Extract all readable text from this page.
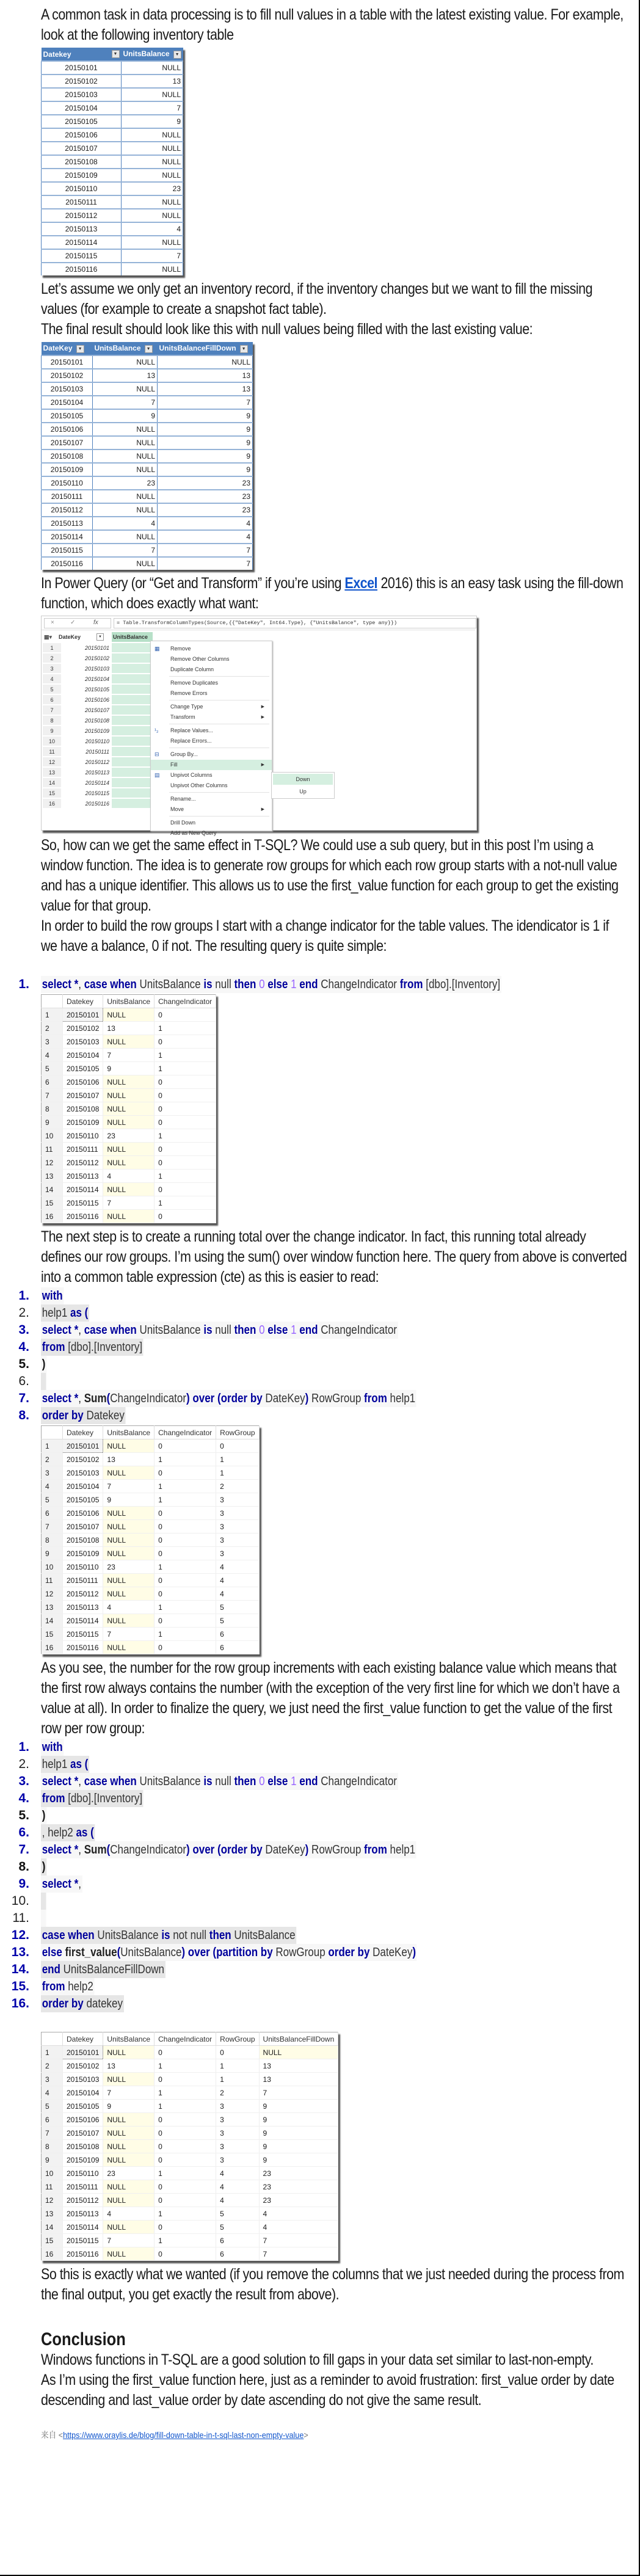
A common task in data processing is to fill null values in a table with the latest existing value. For example, look at the following inventory table

Datekey ▼	UnitsBalance ▼
20150101	NULL
20150102	13
20150103	NULL
20150104	7
20150105	9
20150106	NULL
20150107	NULL
20150108	NULL
20150109	NULL
20150110	23
20150111	NULL
20150112	NULL
20150113	4
20150114	NULL
20150115	7
20150116	NULL

Let’s assume we only get an inventory record, if the inventory changes but we want to fill the missing values (for example to create a snapshot fact table).

The final result should look like this with null values being filled with the last existing value:

DateKey ▼	UnitsBalance ▼	UnitsBalanceFillDown ▼
20150101	NULL	NULL
20150102	13	13
20150103	NULL	13
20150104	7	7
20150105	9	9
20150106	NULL	9
20150107	NULL	9
20150108	NULL	9
20150109	NULL	9
20150110	23	23
20150111	NULL	23
20150112	NULL	23
20150113	4	4
20150114	NULL	4
20150115	7	7
20150116	NULL	7

In Power Query (or “Get and Transform” if you’re using Excel 2016) this is an easy task using the fill-down function, which does exactly what want:

×	✓	fx	= Table.TransformColumnTypes(Source,{{"DateKey", Int64.Type}, {"UnitsBalance", type any}})
▦▾	DateKey	▼	UnitsBalance
1	20150101
2	20150102
3	20150103
4	20150104
5	20150105
6	20150106
7	20150107
8	20150108
9	20150109
10	20150110
11	20150111
12	20150112
13	20150113
14	20150114
15	20150115
16	20150116
▦ Remove
Remove Other Columns
Duplicate Column
Remove Duplicates
Remove Errors
Change Type	▶
Transform	▶
¹₂ Replace Values...
Replace Errors...
⊟ Group By...
Fill	▶
▤ Unpivot Columns
Unpivot Other Columns
Rename...
Move	▶
Drill Down
Add as New Query
Down
Up

So, how can we get the same effect in T-SQL? We could use a sub query, but in this post I’m using a window function. The idea is to generate row groups for which each row group starts with a not-null value and has a unique identifier. This allows us to use the first_value function for each group to get the existing value for that group.

In order to build the row groups I start with a change indicator for the table values. The idendicator is 1 if we have a balance, 0 if not. The resulting query is quite simple:

1. select *, case when UnitsBalance is null then 0 else 1 end ChangeIndicator from [dbo].[Inventory]
	Datekey	UnitsBalance	ChangeIndicator
1	20150101	NULL	0
2	20150102	13	1
3	20150103	NULL	0
4	20150104	7	1
5	20150105	9	1
6	20150106	NULL	0
7	20150107	NULL	0
8	20150108	NULL	0
9	20150109	NULL	0
10	20150110	23	1
11	20150111	NULL	0
12	20150112	NULL	0
13	20150113	4	1
14	20150114	NULL	0
15	20150115	7	1
16	20150116	NULL	0

The next step is to create a running total over the change indicator. In fact, this running total already defines our row groups. I’m using the sum() over window function here. The query from above is converted into a common table expression (cte) as this is easier to read:

1. with
2. help1 as (
3. select *, case when UnitsBalance is null then 0 else 1 end ChangeIndicator
4. from [dbo].[Inventory]
5. )
6.

7. select *, Sum(ChangeIndicator) over (order by DateKey) RowGroup from help1
8. order by Datekey
	Datekey	UnitsBalance	ChangeIndicator	RowGroup
1	20150101	NULL	0	0
2	20150102	13	1	1
3	20150103	NULL	0	1
4	20150104	7	1	2
5	20150105	9	1	3
6	20150106	NULL	0	3
7	20150107	NULL	0	3
8	20150108	NULL	0	3
9	20150109	NULL	0	3
10	20150110	23	1	4
11	20150111	NULL	0	4
12	20150112	NULL	0	4
13	20150113	4	1	5
14	20150114	NULL	0	5
15	20150115	7	1	6
16	20150116	NULL	0	6

As you see, the number for the row group increments with each existing balance value which means that the first row always contains the number (with the exception of the very first line for which we don’t have a value at all). In order to finalize the query, we just need the first_value function to get the value of the first row per row group:

1. with
2. help1 as (
3. select *, case when UnitsBalance is null then 0 else 1 end ChangeIndicator
4. from [dbo].[Inventory]
5. )
6. , help2 as (
7. select *, Sum(ChangeIndicator) over (order by DateKey) RowGroup from help1
8. )
9. select *,
10.

11.

12. case when UnitsBalance is not null then UnitsBalance
13. else first_value(UnitsBalance) over (partition by RowGroup order by DateKey)
14. end UnitsBalanceFillDown
15. from help2
16. order by datekey
	Datekey	UnitsBalance	ChangeIndicator	RowGroup	UnitsBalanceFillDown
1	20150101	NULL	0	0	NULL
2	20150102	13	1	1	13
3	20150103	NULL	0	1	13
4	20150104	7	1	2	7
5	20150105	9	1	3	9
6	20150106	NULL	0	3	9
7	20150107	NULL	0	3	9
8	20150108	NULL	0	3	9
9	20150109	NULL	0	3	9
10	20150110	23	1	4	23
11	20150111	NULL	0	4	23
12	20150112	NULL	0	4	23
13	20150113	4	1	5	4
14	20150114	NULL	0	5	4
15	20150115	7	1	6	7
16	20150116	NULL	0	6	7

So this is exactly what we wanted (if you remove the columns that we just needed during the process from the final output, you get exactly the result from above).

Conclusion

Windows functions in T-SQL are a good solution to fill gaps in your data set similar to last-non-empty.

As I’m using the first_value function here, just as a reminder to avoid frustration: first_value order by date descending and last_value order by date ascending do not give the same result.

来自 <https://www.oraylis.de/blog/fill-down-table-in-t-sql-last-non-empty-value>
